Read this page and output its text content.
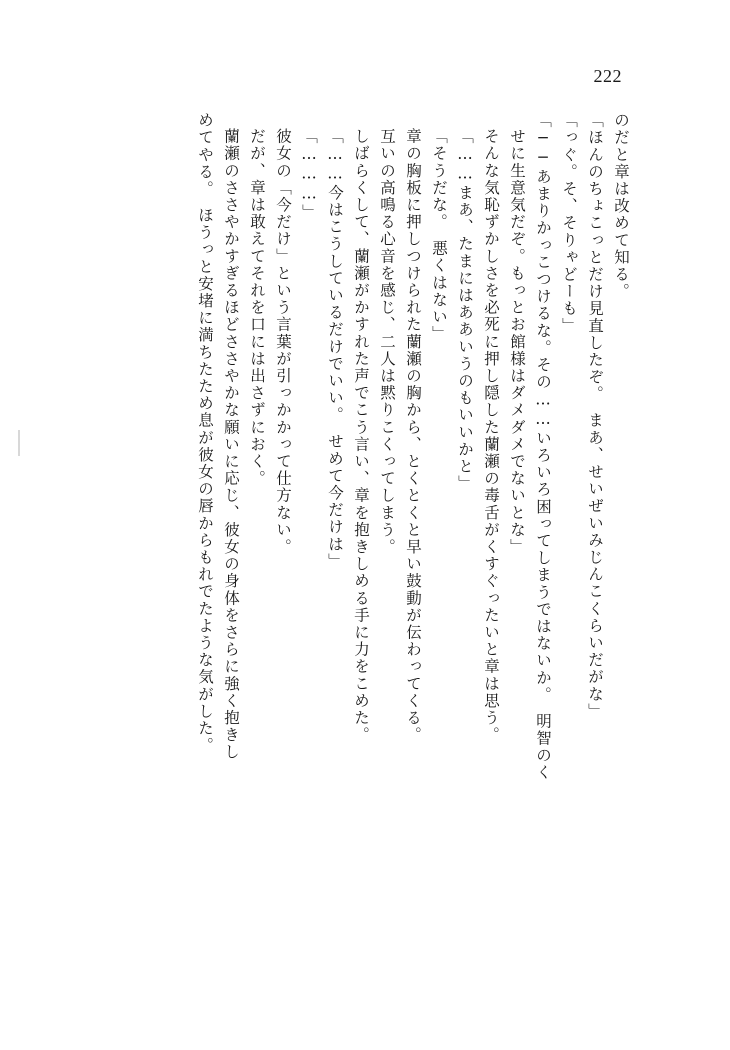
222
のだと章は改めて知る。
「ほんのちょこっとだけ見直したぞ。　まあ、せいぜいみじんこくらいだがな」
「っぐ。そ、そりゃどーも」
「──あまりかっこつけるな。その……いろいろ困ってしまうではないか。　明智のく
せに生意気だぞ。もっとお館様はダメダメでないとな」
そんな気恥ずかしさを必死に押し隠した蘭瀬の毒舌がくすぐったいと章は思う。
「……まあ、たまにはああいうのもいいかと」
「そうだな。　悪くはない」
章の胸板に押しつけられた蘭瀬の胸から、とくとくと早い鼓動が伝わってくる。
互いの高鳴る心音を感じ、二人は黙りこくってしまう。
しばらくして、蘭瀬がかすれた声でこう言い、章を抱きしめる手に力をこめた。
「……今はこうしているだけでいい。　せめて今だけは」
「………」
彼女の「今だけ」という言葉が引っかかって仕方ない。
だが、章は敢えてそれを口には出さずにおく。
蘭瀬のささやかすぎるほどささやかな願いに応じ、彼女の身体をさらに強く抱きし
めてやる。　ほうっと安堵に満ちたため息が彼女の唇からもれでたような気がした。
